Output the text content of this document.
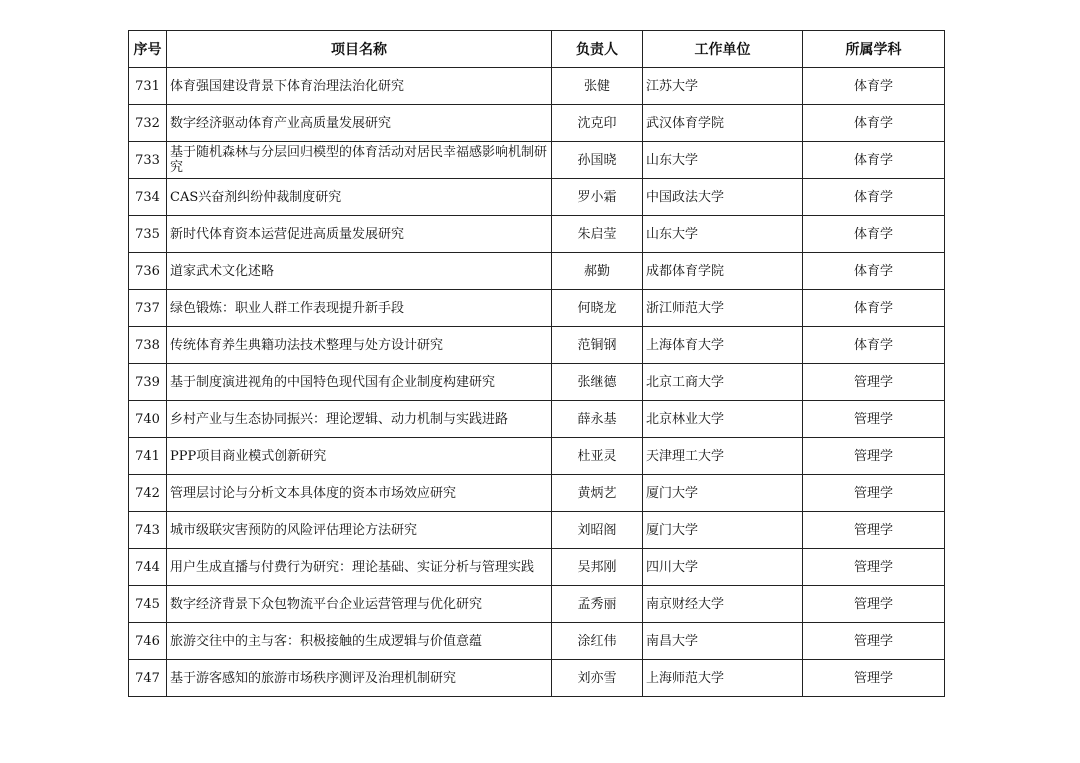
序号	项目名称	负责人	工作单位	所属学科
731	体育强国建设背景下体育治理法治化研究	张健	江苏大学	体育学
732	数字经济驱动体育产业高质量发展研究	沈克印	武汉体育学院	体育学
733	基于随机森林与分层回归模型的体育活动对居民幸福感影响机制研究	孙国晓	山东大学	体育学
734	CAS兴奋剂纠纷仲裁制度研究	罗小霜	中国政法大学	体育学
735	新时代体育资本运营促进高质量发展研究	朱启莹	山东大学	体育学
736	道家武术文化述略	郝勤	成都体育学院	体育学
737	绿色锻炼：职业人群工作表现提升新手段	何晓龙	浙江师范大学	体育学
738	传统体育养生典籍功法技术整理与处方设计研究	范铜钢	上海体育大学	体育学
739	基于制度演进视角的中国特色现代国有企业制度构建研究	张继德	北京工商大学	管理学
740	乡村产业与生态协同振兴：理论逻辑、动力机制与实践进路	薛永基	北京林业大学	管理学
741	PPP项目商业模式创新研究	杜亚灵	天津理工大学	管理学
742	管理层讨论与分析文本具体度的资本市场效应研究	黄炳艺	厦门大学	管理学
743	城市级联灾害预防的风险评估理论方法研究	刘昭阁	厦门大学	管理学
744	用户生成直播与付费行为研究：理论基础、实证分析与管理实践	吴邦刚	四川大学	管理学
745	数字经济背景下众包物流平台企业运营管理与优化研究	孟秀丽	南京财经大学	管理学
746	旅游交往中的主与客：积极接触的生成逻辑与价值意蕴	涂红伟	南昌大学	管理学
747	基于游客感知的旅游市场秩序测评及治理机制研究	刘亦雪	上海师范大学	管理学
